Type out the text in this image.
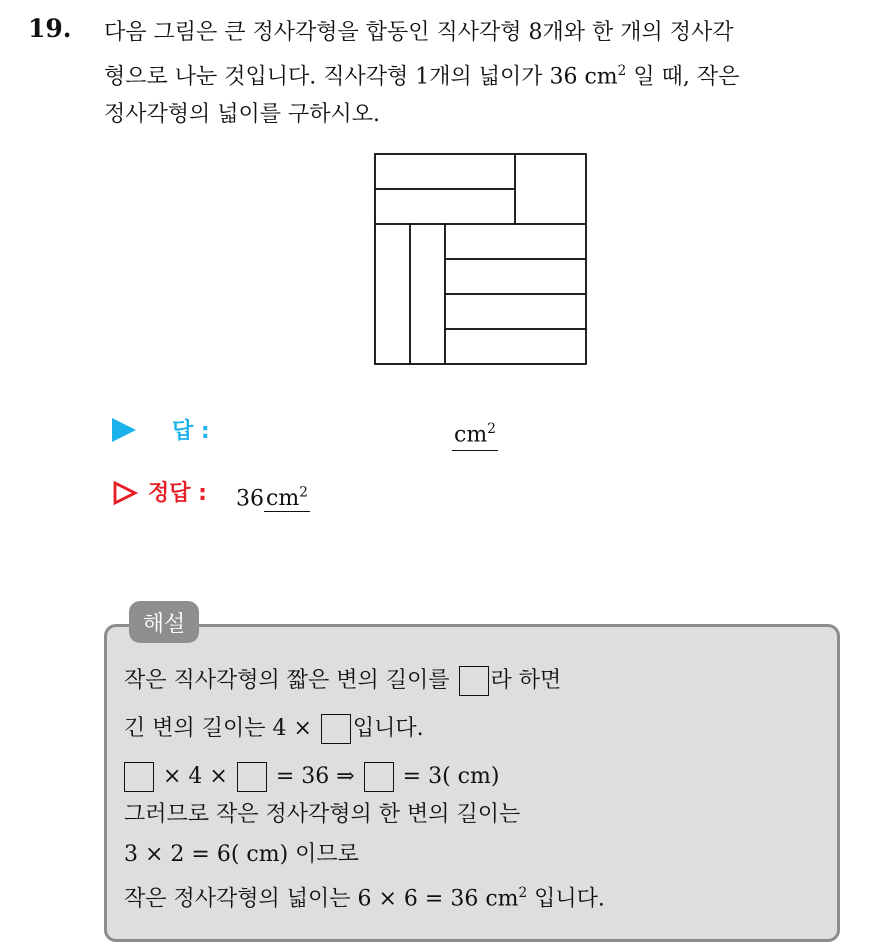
19. 다음 그림은 큰 정사각형을 합동인 직사각형 8개와 한 개의 정사각
형으로 나눈 것입니다. 직사각형 1개의 넓이가 36 $cm^2$ 일 때, 작은
정사각형의 넓이를 구하시오.
답 :	$cm^2$
정답 : $36cm^2$
해설
작은 직사각형의 짧은 변의 길이를 라 하면
긴 변의 길이는 4 × 입니다.
× 4 ×  = 36 ⇒  = 3( cm)
그러므로 작은 정사각형의 한 변의 길이는
3 × 2 = 6( cm) 이므로
작은 정사각형의 넓이는 6 × 6 = 36 $cm^2$ 입니다.
